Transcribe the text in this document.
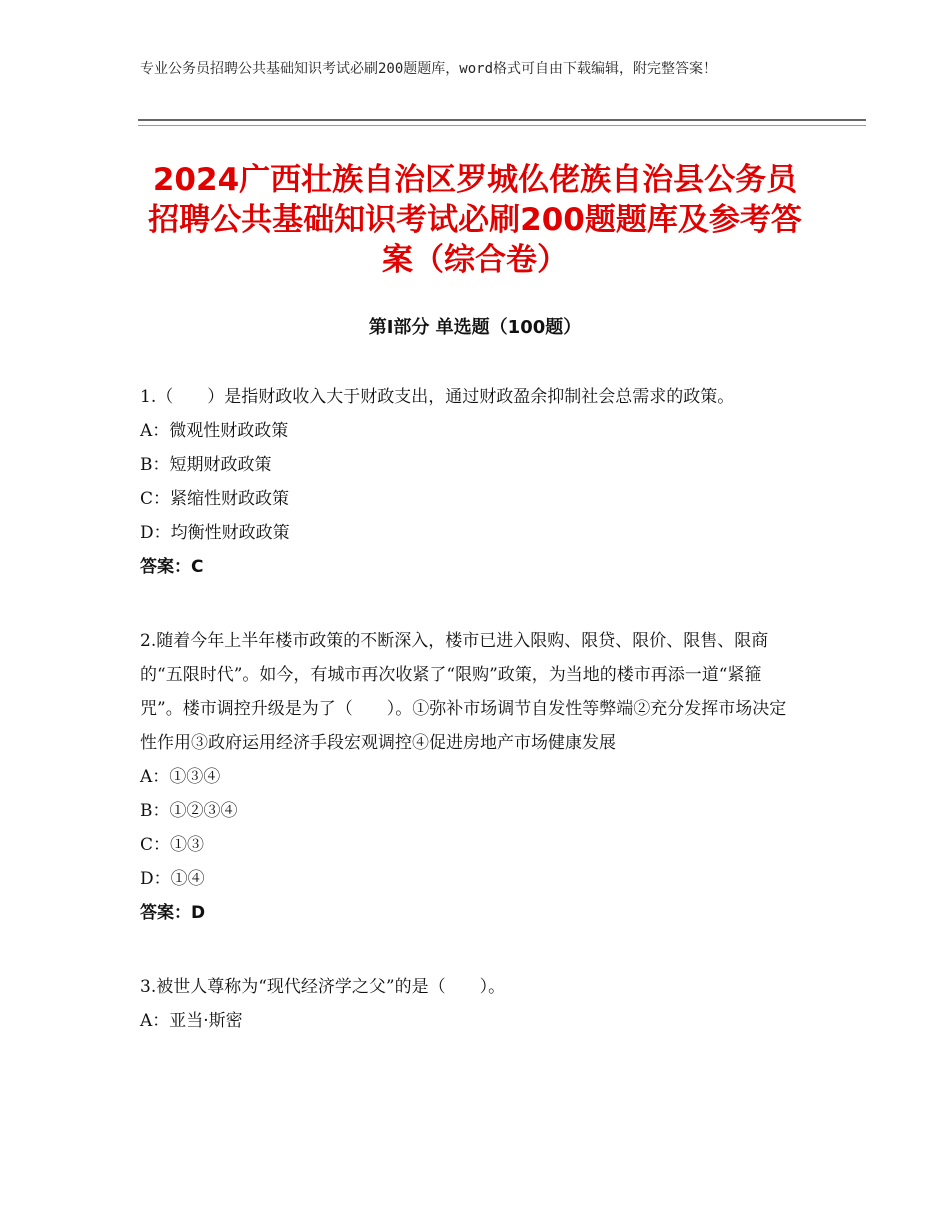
专业公务员招聘公共基础知识考试必刷200题题库，word格式可自由下载编辑，附完整答案！
2024广西壮族自治区罗城仫佬族自治县公务员招聘公共基础知识考试必刷200题题库及参考答案（综合卷）
第Ⅰ部分 单选题（100题）

1.（　　）是指财政收入大于财政支出，通过财政盈余抑制社会总需求的政策。

A：微观性财政政策

B：短期财政政策

C：紧缩性财政政策

D：均衡性财政政策

答案：C

2.随着今年上半年楼市政策的不断深入，楼市已进入限购、限贷、限价、限售、限商的“五限时代”。如今，有城市再次收紧了“限购”政策，为当地的楼市再添一道“紧箍咒”。楼市调控升级是为了（　　）。①弥补市场调节自发性等弊端②充分发挥市场决定性作用③政府运用经济手段宏观调控④促进房地产市场健康发展

A：①③④

B：①②③④

C：①③

D：①④

答案：D

3.被世人尊称为“现代经济学之父”的是（　　）。

A：亚当·斯密
